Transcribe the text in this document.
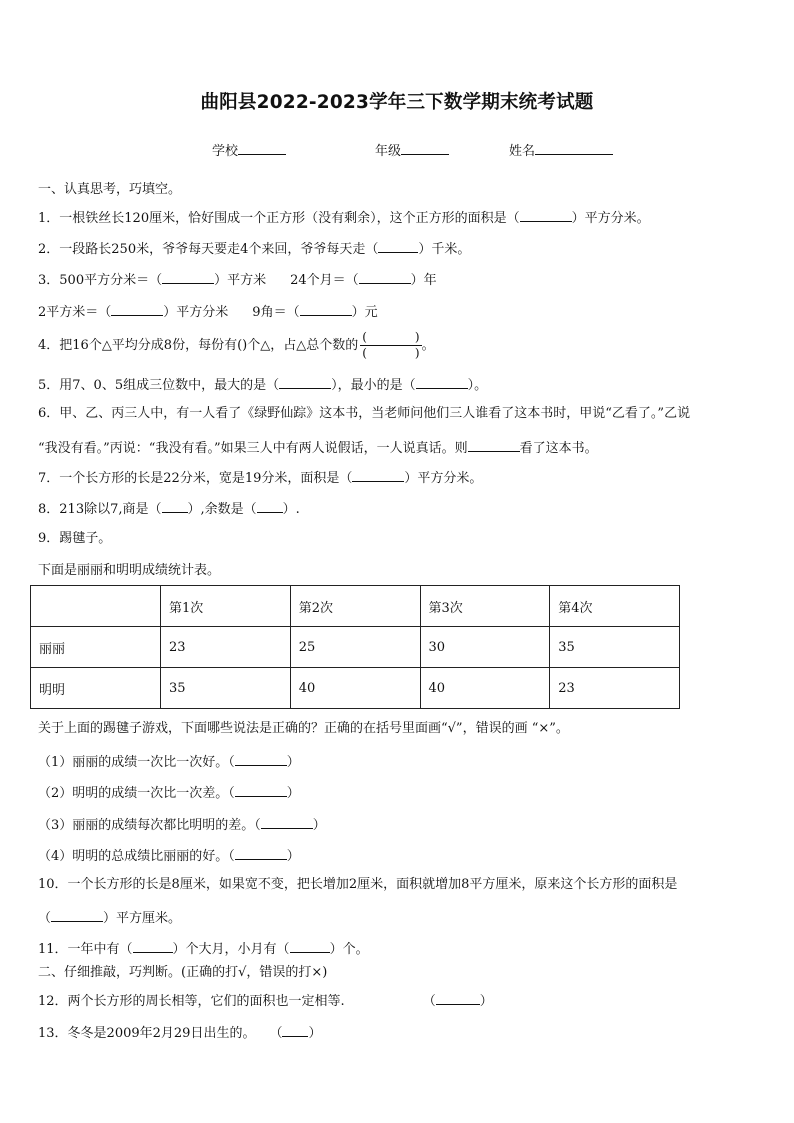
曲阳县2022-2023学年三下数学期末统考试题
学校	年级	姓名
一、认真思考，巧填空。
1．一根铁丝长120厘米，恰好围成一个正方形（没有剩余），这个正方形的面积是（	）平方分米。
2．一段路长250米，爷爷每天要走4个来回，爷爷每天走（	）千米。
3．500平方分米＝（	）平方米 24个月＝（	）年
2平方米＝（	）平方分米 9角＝（	）元
4．把16个△平均分成8份，每份有()个△，占△总个数的 $\frac{( )}{( )}$ 。
5．用7、0、5组成三位数中，最大的是（	），最小的是（	）。
6．甲、乙、丙三人中，有一人看了《绿野仙踪》这本书，当老师问他们三人谁看了这本书时，甲说“乙看了。”乙说
“我没有看。”丙说：“我没有看。”如果三人中有两人说假话，一人说真话。则	看了这本书。
7．一个长方形的长是22分米，宽是19分米，面积是（	）平方分米。
8．213除以7,商是（ ）,余数是（ ）.
9．踢毽子。
下面是丽丽和明明成绩统计表。
	第1次	第2次	第3次	第4次
丽丽	23	25	30	35
明明	35	40	40	23
关于上面的踢毽子游戏，下面哪些说法是正确的？正确的在括号里面画“√”，错误的画 “×”。
（1）丽丽的成绩一次比一次好。（	）
（2）明明的成绩一次比一次差。（	）
（3）丽丽的成绩每次都比明明的差。（	）
（4）明明的总成绩比丽丽的好。（	）
10．一个长方形的长是8厘米，如果宽不变，把长增加2厘米，面积就增加8平方厘米，原来这个长方形的面积是
（	）平方厘米。
11．一年中有（	）个大月，小月有（	）个。
二、仔细推敲，巧判断。(正确的打√，错误的打×)
12．两个长方形的周长相等，它们的面积也一定相等.	（	）
13．冬冬是2009年2月29日出生的。 （ ）
